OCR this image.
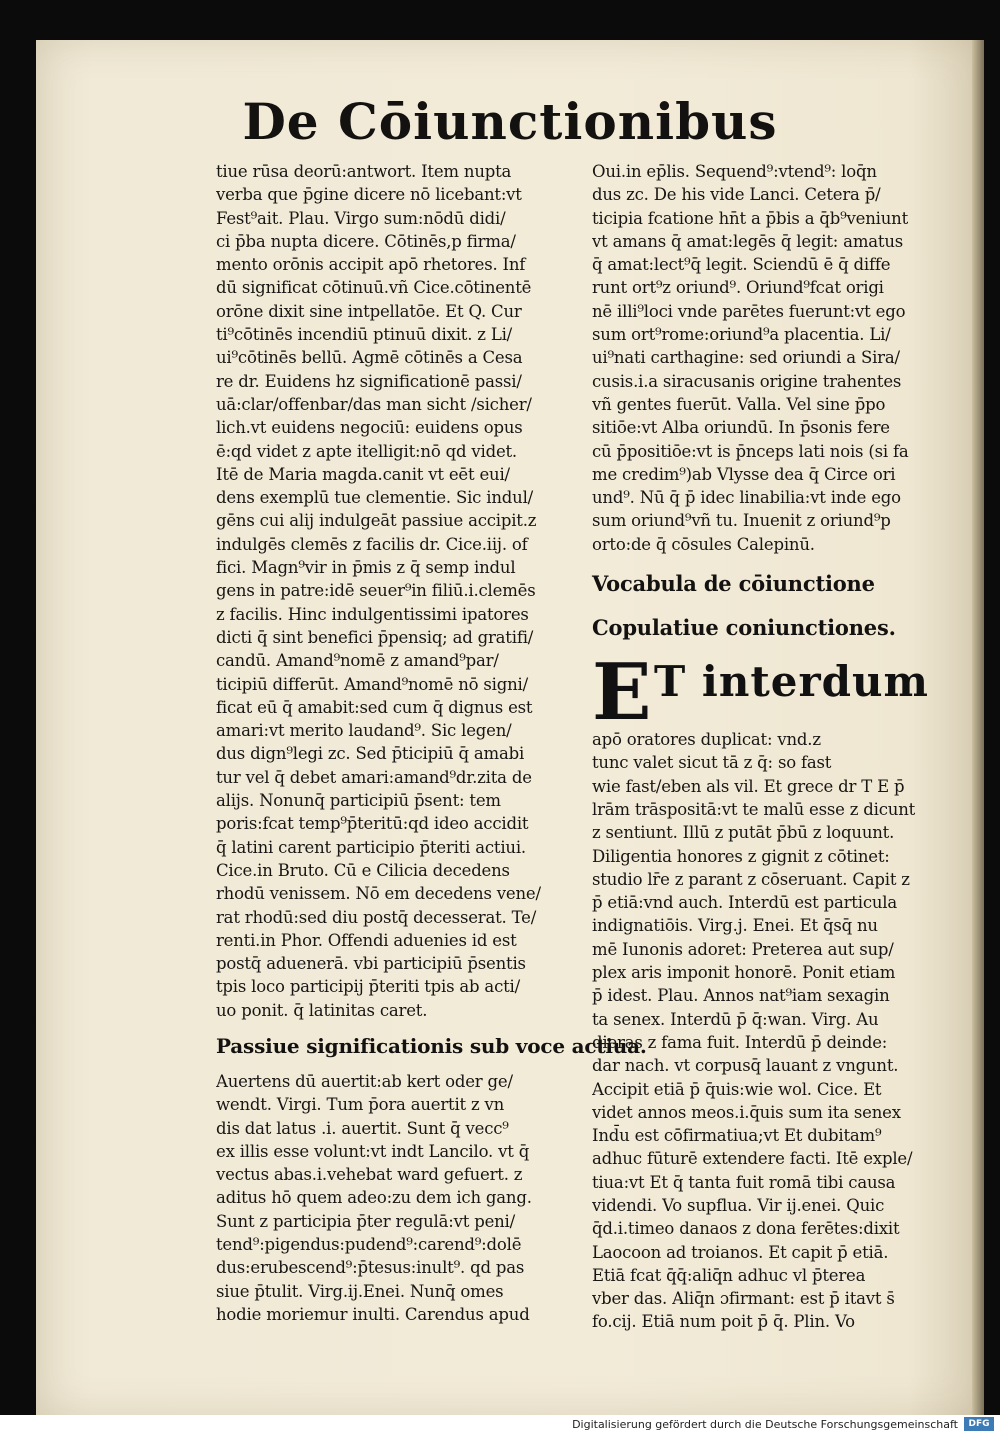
De Cōiunctionibus
tiue rūsa deorū:antwort. Item nupta
verba que p̄gine dicere nō licebant:vt
Fest⁹ait. Plau. Virgo sum:nōdū didi/
ci p̄ba nupta dicere. Cōtinēs,p firma/
mento orōnis accipit apō rhetores. Inf
dū significat cōtinuū.vñ Cice.cōtinentē
orōne dixit sine intpellatōe. Et Q. Cur
ti⁹cōtinēs incendiū ptinuū dixit. z Li/
ui⁹cōtinēs bellū. Agmē cōtinēs a Cesa
re dr. Euidens hz significationē passi/
uā:clar/offenbar/das man sicht /sicher/
lich.vt euidens negociū: euidens opus
ē:qd videt z apte itelligit:nō qd videt.
Itē de Maria magda.canit vt eēt eui/
dens exemplū tue clementie. Sic indul/
gēns cui alij indulgeāt passiue accipit.z
indulgēs clemēs z facilis dr. Cice.iij. of
fici. Magn⁹vir in p̄mis z q̄ semp indul
gens in patre:idē seuer⁹in filiū.i.clemēs
z facilis. Hinc indulgentissimi ipatores
dicti q̄ sint benefici p̄pensiq; ad gratifi/
candū. Amand⁹nomē z amand⁹par/
ticipiū differūt. Amand⁹nomē nō signi/
ficat eū q̄ amabit:sed cum q̄ dignus est
amari:vt merito laudand⁹. Sic legen/
dus dign⁹legi zc. Sed p̄ticipiū q̄ amabi
tur vel q̄ debet amari:amand⁹dr.zita de
alijs. Nonunq̄ participiū p̄sent: tem
poris:fcat temp⁹p̄teritū:qd ideo accidit
q̄ latini carent participio p̄teriti actiui.
Cice.in Bruto. Cū e Cilicia decedens
rhodū venissem. Nō em decedens vene/
rat rhodū:sed diu postq̄ decesserat. Te/
renti.in Phor. Offendi aduenies id est
postq̄ aduenerā. vbi participiū p̄sentis
tpis loco participij p̄teriti tpis ab acti/
uo ponit. q̄ latinitas caret.
Passiue significationis sub voce actiua.
Auertens dū auertit:ab kert oder ge/
wendt. Virgi. Tum p̄ora auertit z vn
dis dat latus .i. auertit. Sunt q̄ vecc⁹
ex illis esse volunt:vt indt Lancilo. vt q̄
vectus abas.i.vehebat ward gefuert. z
aditus hō quem adeo:zu dem ich gang.
Sunt z participia p̄ter regulā:vt peni/
tend⁹:pigendus:pudend⁹:carend⁹:dolē
dus:erubescend⁹:p̄tesus:inult⁹. qd pas
siue p̄tulit. Virg.ij.Enei. Nunq̄ omes
hodie moriemur inulti. Carendus apud
Oui.in ep̄lis. Sequend⁹:vtend⁹: loq̄n
dus zc. De his vide Lanci. Cetera p̄/
ticipia fcatione hn̄t a p̄bis a q̄b⁹veniunt
vt amans q̄ amat:legēs q̄ legit: amatus
q̄ amat:lect⁹q̄ legit. Sciendū ē q̄ diffe
runt ort⁹z oriund⁹. Oriund⁹fcat origi
nē illi⁹loci vnde parētes fuerunt:vt ego
sum ort⁹rome:oriund⁹a placentia. Li/
ui⁹nati carthagine: sed oriundi a Sira/
cusis.i.a siracusanis origine trahentes
vñ gentes fuerūt. Valla. Vel sine p̄po
sitiōe:vt Alba oriundū. In p̄sonis fere
cū p̄positiōe:vt is p̄nceps lati nois (si fa
me credim⁹)ab Vlysse dea q̄ Circe ori
und⁹. Nū q̄ p̄ idec linabilia:vt inde ego
sum oriund⁹vñ tu. Inuenit z oriund⁹p
orto:de q̄ cōsules Calepinū.
Vocabula de cōiunctione
Copulatiue coniunctiones.
E T interdum
apō oratores duplicat: vnd.z
tunc valet sicut tā z q̄: so fast
wie fast/eben als vil. Et grece dr T E p̄
lrām trāspositā:vt te malū esse z dicunt
z sentiunt. Illū z putāt p̄bū z loquunt.
Diligentia honores z gignit z cōtinet:
studio lr̄e z parant z cōseruant. Capit z
p̄ etiā:vnd auch. Interdū est particula
indignatiōis. Virg.j. Enei. Et q̄sq̄ nu
mē Iunonis adoret: Preterea aut sup/
plex aris imponit honorē. Ponit etiam
p̄ idest. Plau. Annos nat⁹iam sexagin
ta senex. Interdū p̄ q̄:wan. Virg. Au
dieras z fama fuit. Interdū p̄ deinde:
dar nach. vt corpusq̄ lauant z vngunt.
Accipit etiā p̄ q̄uis:wie wol. Cice. Et
videt annos meos.i.q̄uis sum ita senex
Ind̄u est cōfirmatiua;vt Et dubitam⁹
adhuc fūturē extendere facti. Itē exple/
tiua:vt Et q̄ tanta fuit romā tibi causa
videndi. Vo supflua. Vir ij.enei. Quic
q̄d.i.timeo danaos z dona ferētes:dixit
Laocoon ad troianos. Et capit p̄ etiā.
Etiā fcat q̄q̄:aliq̄n adhuc vl p̄terea
vber das. Aliq̄n ɔfirmant: est p̄ itavt s̄
fo.cij. Etiā num poit p̄ q̄. Plin. Vo
Digitalisierung gefördert durch die Deutsche Forschungsgemeinschaft	DFG
